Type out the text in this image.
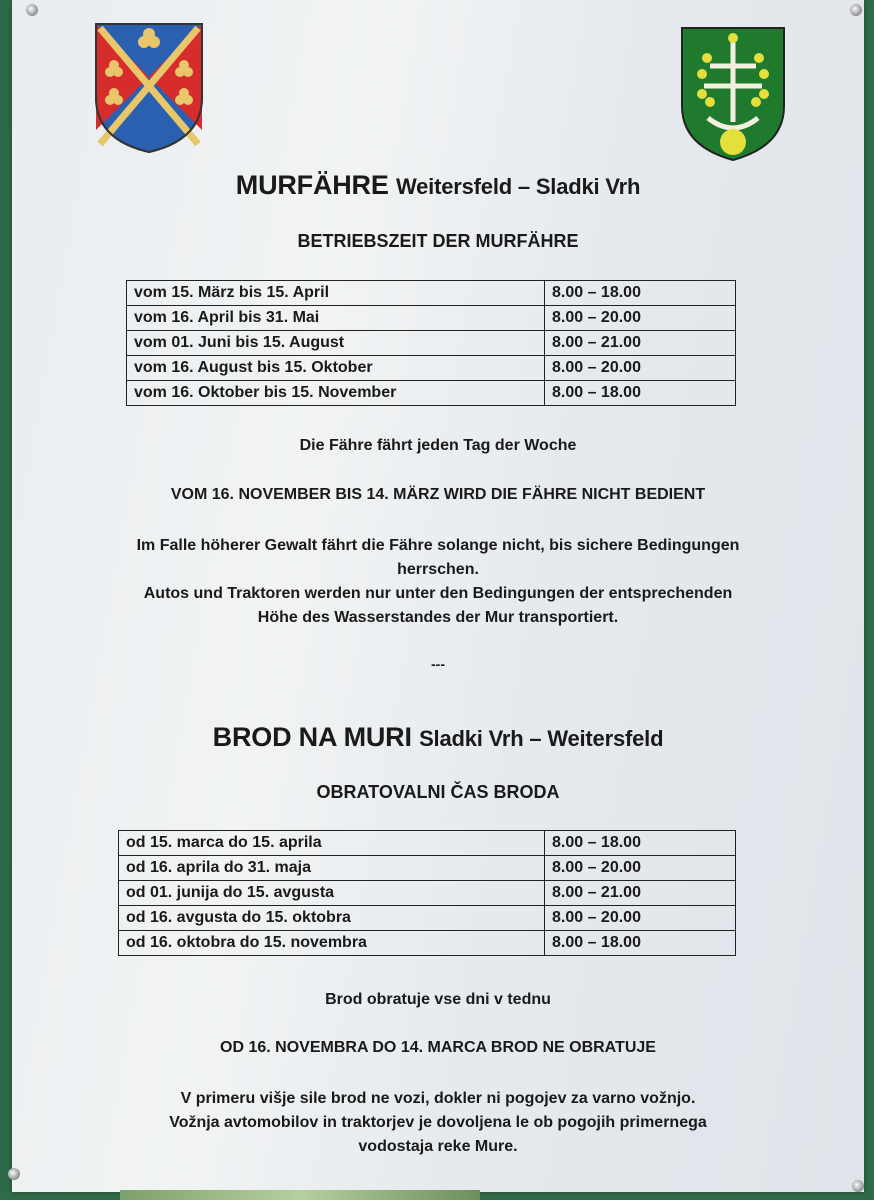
MURFÄHRE Weitersfeld – Sladki Vrh
BETRIEBSZEIT DER MURFÄHRE
vom 15. März bis 15. April	8.00 – 18.00
vom 16. April bis 31. Mai	8.00 – 20.00
vom 01. Juni bis 15. August	8.00 – 21.00
vom 16. August bis 15. Oktober	8.00 – 20.00
vom 16. Oktober bis 15. November	8.00 – 18.00
Die Fähre fährt jeden Tag der Woche
VOM 16. NOVEMBER BIS 14. MÄRZ WIRD DIE FÄHRE NICHT BEDIENT
Im Falle höherer Gewalt fährt die Fähre solange nicht, bis sichere Bedingungen
herrschen.
Autos und Traktoren werden nur unter den Bedingungen der entsprechenden
Höhe des Wasserstandes der Mur transportiert.
---
BROD NA MURI Sladki Vrh – Weitersfeld
OBRATOVALNI ČAS BRODA
od 15. marca do 15. aprila	8.00 – 18.00
od 16. aprila do 31. maja	8.00 – 20.00
od 01. junija do 15. avgusta	8.00 – 21.00
od 16. avgusta do 15. oktobra	8.00 – 20.00
od 16. oktobra do 15. novembra	8.00 – 18.00
Brod obratuje vse dni v tednu
OD 16. NOVEMBRA DO 14. MARCA BROD NE OBRATUJE
V primeru višje sile brod ne vozi, dokler ni pogojev za varno vožnjo.
Vožnja avtomobilov in traktorjev je dovoljena le ob pogojih primernega
vodostaja reke Mure.
